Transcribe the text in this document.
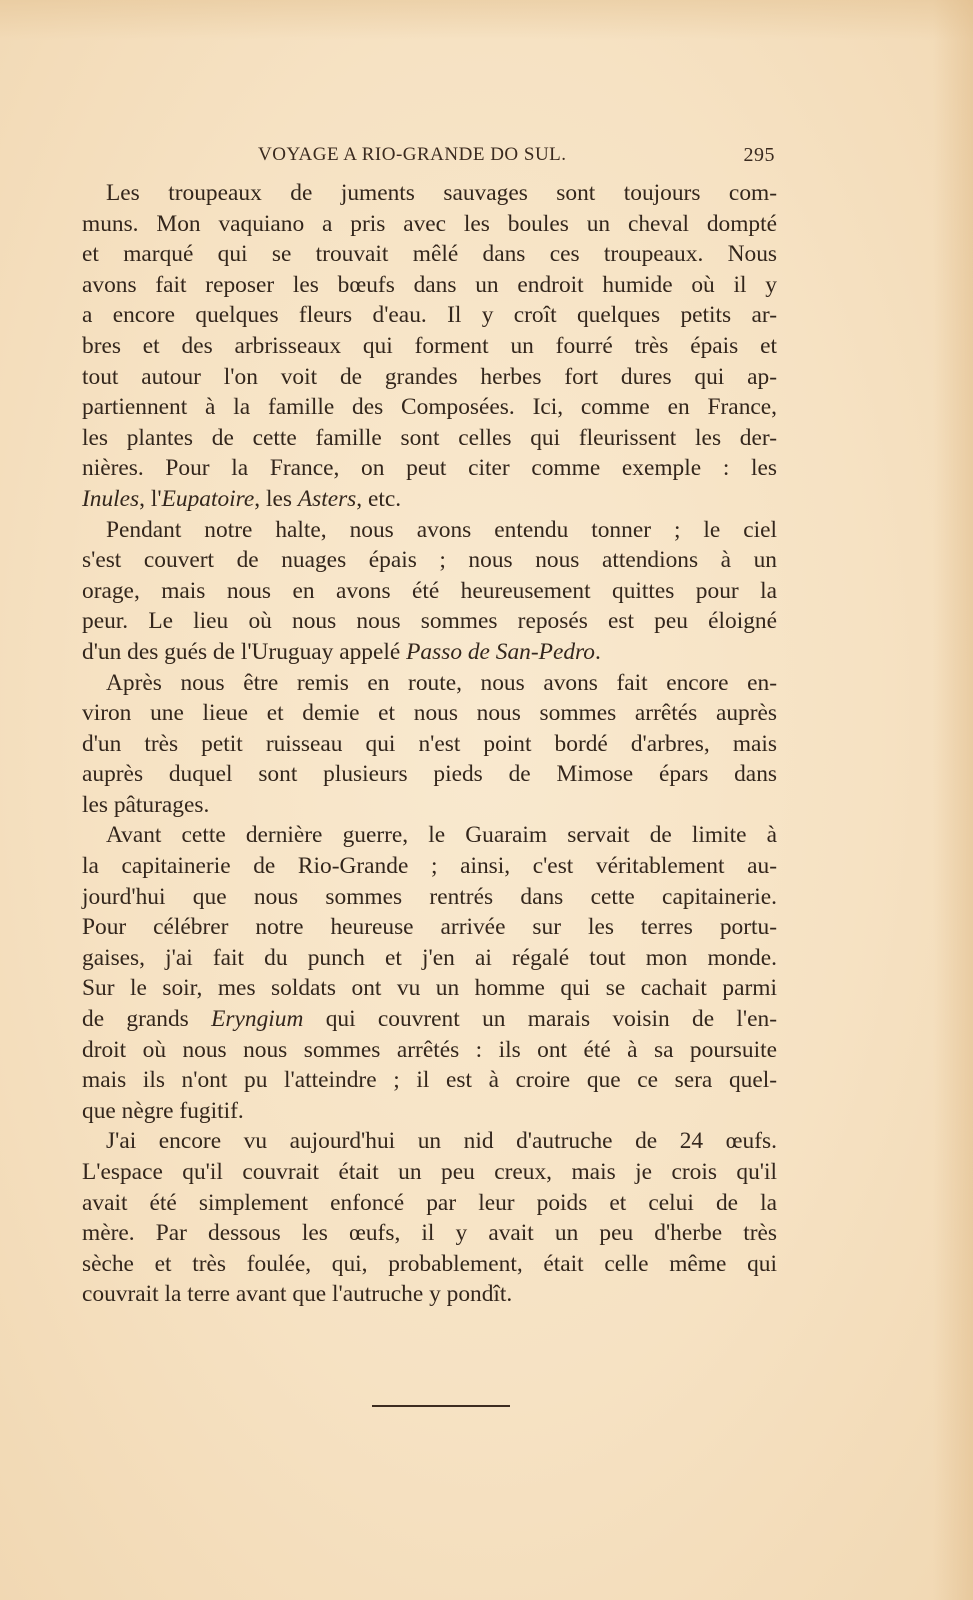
VOYAGE A RIO-GRANDE DO SUL.	295
Les troupeaux de juments sauvages sont toujours com-
muns. Mon vaquiano a pris avec les boules un cheval dompté
et marqué qui se trouvait mêlé dans ces troupeaux. Nous
avons fait reposer les bœufs dans un endroit humide où il y
a encore quelques fleurs d'eau. Il y croît quelques petits ar-
bres et des arbrisseaux qui forment un fourré très épais et
tout autour l'on voit de grandes herbes fort dures qui ap-
partiennent à la famille des Composées. Ici, comme en France,
les plantes de cette famille sont celles qui fleurissent les der-
nières. Pour la France, on peut citer comme exemple : les
Inules, l'Eupatoire, les Asters, etc.
Pendant notre halte, nous avons entendu tonner ; le ciel
s'est couvert de nuages épais ; nous nous attendions à un
orage, mais nous en avons été heureusement quittes pour la
peur. Le lieu où nous nous sommes reposés est peu éloigné
d'un des gués de l'Uruguay appelé Passo de San-Pedro.
Après nous être remis en route, nous avons fait encore en-
viron une lieue et demie et nous nous sommes arrêtés auprès
d'un très petit ruisseau qui n'est point bordé d'arbres, mais
auprès duquel sont plusieurs pieds de Mimose épars dans
les pâturages.
Avant cette dernière guerre, le Guaraim servait de limite à
la capitainerie de Rio-Grande ; ainsi, c'est véritablement au-
jourd'hui que nous sommes rentrés dans cette capitainerie.
Pour célébrer notre heureuse arrivée sur les terres portu-
gaises, j'ai fait du punch et j'en ai régalé tout mon monde.
Sur le soir, mes soldats ont vu un homme qui se cachait parmi
de grands Eryngium qui couvrent un marais voisin de l'en-
droit où nous nous sommes arrêtés : ils ont été à sa poursuite
mais ils n'ont pu l'atteindre ; il est à croire que ce sera quel-
que nègre fugitif.
J'ai encore vu aujourd'hui un nid d'autruche de 24 œufs.
L'espace qu'il couvrait était un peu creux, mais je crois qu'il
avait été simplement enfoncé par leur poids et celui de la
mère. Par dessous les œufs, il y avait un peu d'herbe très
sèche et très foulée, qui, probablement, était celle même qui
couvrait la terre avant que l'autruche y pondît.
